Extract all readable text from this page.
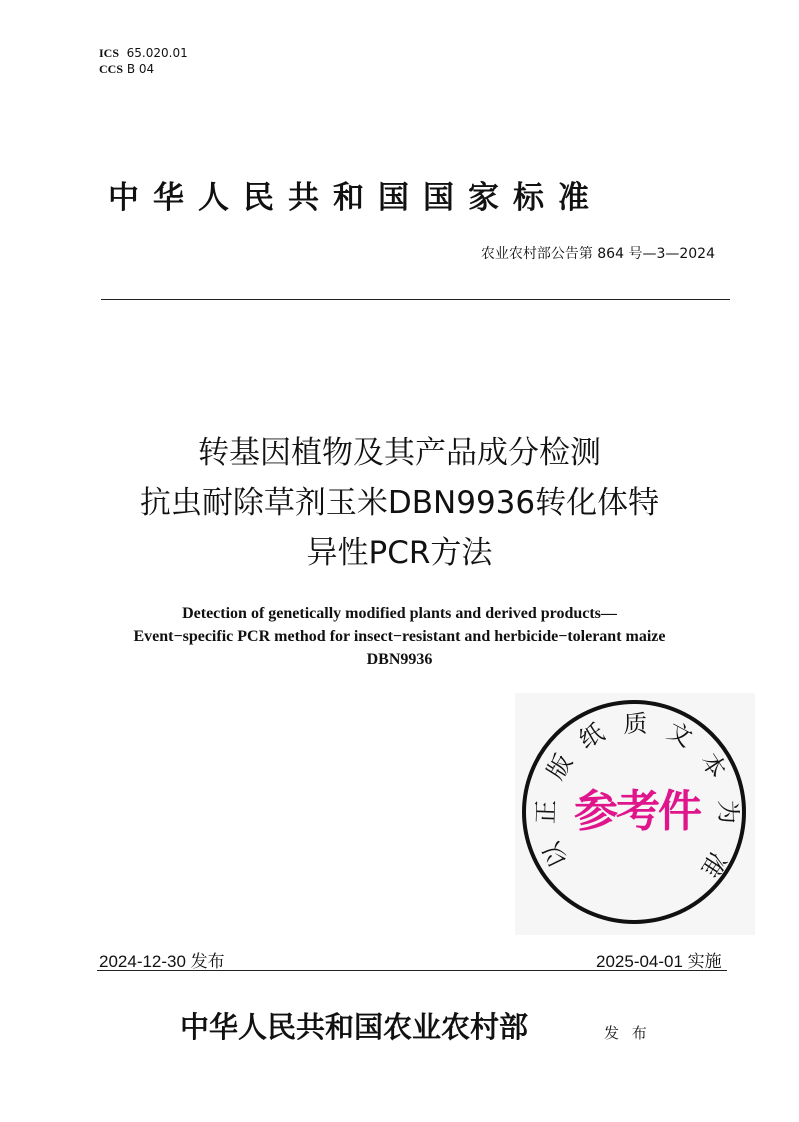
ICS 65.020.01
CCS B 04
中华人民共和国国家标准
农业农村部公告第 864 号—3—2024
转基因植物及其产品成分检测
抗虫耐除草剂玉米DBN9936转化体特
异性PCR方法
Detection of genetically modified plants and derived products—
Event−specific PCR method for insect−resistant and herbicide−tolerant maize
DBN9936
以
正
版
纸 质 文
本
为
准
参考件
2024-12-30 发布	2025-04-01 实施
中华人民共和国农业农村部	发 布
